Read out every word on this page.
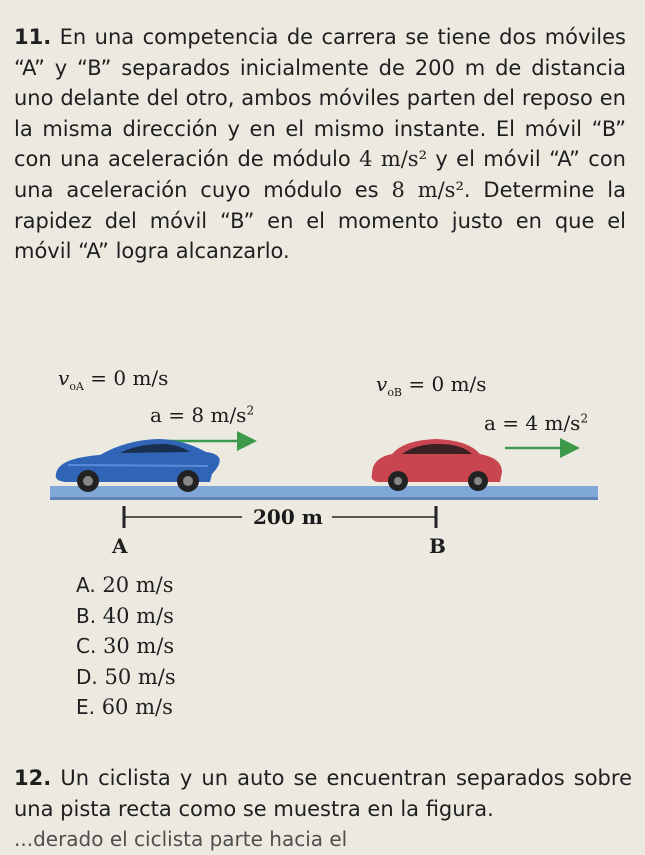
11. En una competencia de carrera se tiene dos móviles “A” y “B” separados inicialmente de 200 m de distancia uno delante del otro, ambos móviles parten del reposo en la misma dirección y en el mismo instante. El móvil “B” con una aceleración de módulo 4 m/s² y el móvil “A” con una aceleración cuyo módulo es 8 m/s². Determine la rapidez del móvil “B” en el momento justo en que el móvil “A” logra alcanzarlo.

$v_{oA} = 0$ m/s	$v_{oB} = 0$ m/s
a = 8 $m/s^2$
a = 4 $m/s^2$
200 m
A	B
A. 20 m/s
B. 40 m/s
C. 30 m/s
D. 50 m/s
E. 60 m/s

12. Un ciclista y un auto se encuentran separados sobre una pista recta como se muestra en la figura.

...derado el ciclista parte hacia el
